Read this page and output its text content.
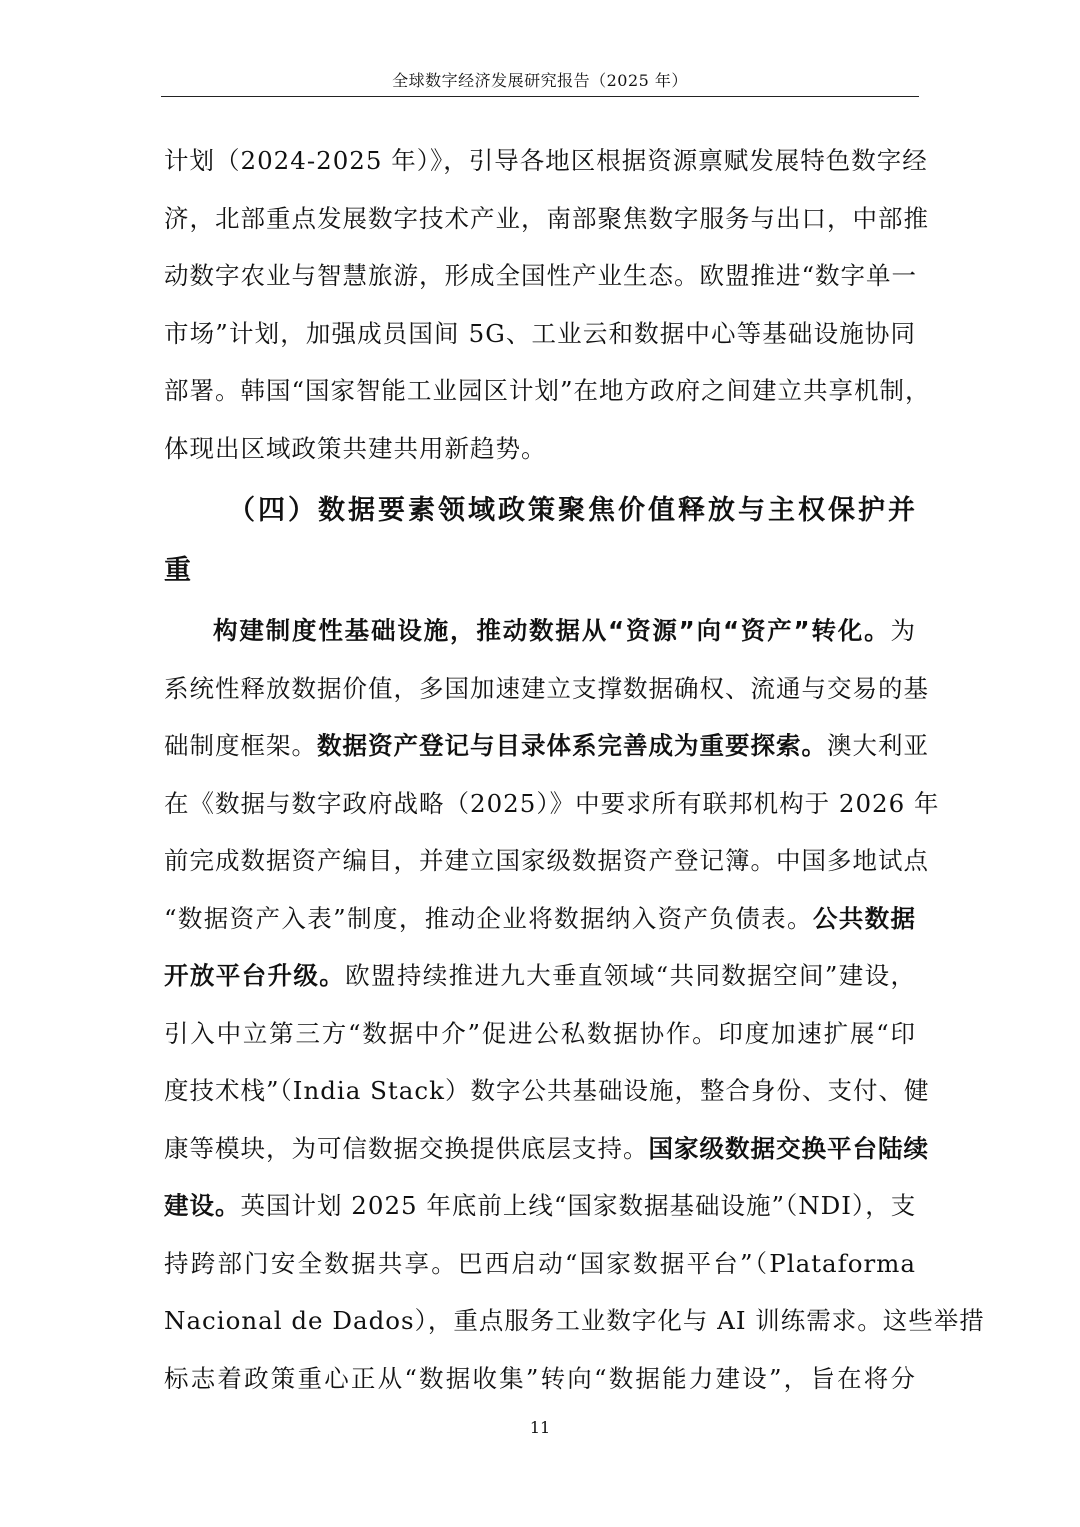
全球数字经济发展研究报告（2025 年）
计划（2024-2025 年）》，引导各地区根据资源禀赋发展特色数字经
济，北部重点发展数字技术产业，南部聚焦数字服务与出口，中部推
动数字农业与智慧旅游，形成全国性产业生态。欧盟推进“数字单一
市场”计划，加强成员国间 5G、工业云和数据中心等基础设施协同
部署。韩国“国家智能工业园区计划”在地方政府之间建立共享机制，
体现出区域政策共建共用新趋势。
（四）数据要素领域政策聚焦价值释放与主权保护并
重
构建制度性基础设施，推动数据从“资源”向“资产”转化。为
系统性释放数据价值，多国加速建立支撑数据确权、流通与交易的基
础制度框架。数据资产登记与目录体系完善成为重要探索。澳大利亚
在《数据与数字政府战略（2025）》中要求所有联邦机构于 2026 年
前完成数据资产编目，并建立国家级数据资产登记簿。中国多地试点
“数据资产入表”制度，推动企业将数据纳入资产负债表。公共数据
开放平台升级。欧盟持续推进九大垂直领域“共同数据空间”建设，
引入中立第三方“数据中介”促进公私数据协作。印度加速扩展“印
度技术栈”（India Stack）数字公共基础设施，整合身份、支付、健
康等模块，为可信数据交换提供底层支持。国家级数据交换平台陆续
建设。英国计划 2025 年底前上线“国家数据基础设施”（NDI），支
持跨部门安全数据共享。巴西启动“国家数据平台”（Plataforma
Nacional de Dados），重点服务工业数字化与 AI 训练需求。这些举措
标志着政策重心正从“数据收集”转向“数据能力建设”，旨在将分
11
